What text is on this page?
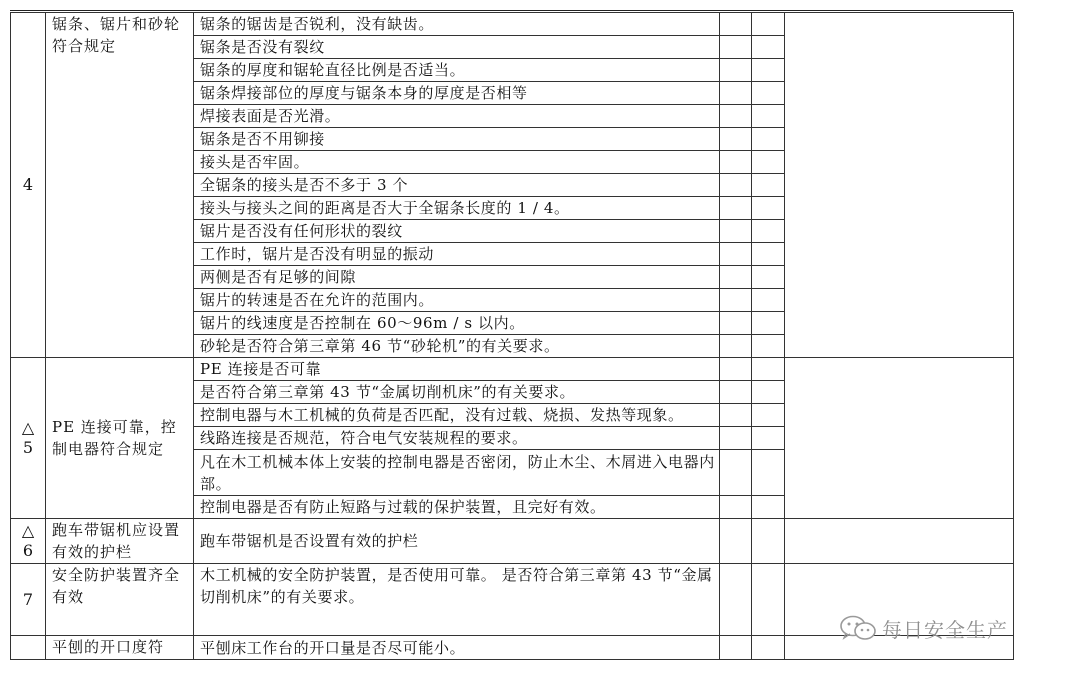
4	锯条、锯片和砂轮符合规定	锯条的锯齿是否锐利，没有缺齿。			
		锯条是否没有裂纹			
		锯条的厚度和锯轮直径比例是否适当。			
		锯条焊接部位的厚度与锯条本身的厚度是否相等			
		焊接表面是否光滑。			
		锯条是否不用铆接			
		接头是否牢固。			
		全锯条的接头是否不多于 3 个			
		接头与接头之间的距离是否大于全锯条长度的 1 / 4。			
		锯片是否没有任何形状的裂纹			
		工作时，锯片是否没有明显的振动			
		两侧是否有足够的间隙			
		锯片的转速是否在允许的范围内。			
		锯片的线速度是否控制在 60～96m / s 以内。			
		砂轮是否符合第三章第 46 节“砂轮机”的有关要求。			

△
5	PE 连接可靠，控制电器符合规定	PE 连接是否可靠			
		是否符合第三章第 43 节“金属切削机床”的有关要求。			
		控制电器与木工机械的负荷是否匹配，没有过载、烧损、发热等现象。			
		线路连接是否规范，符合电气安装规程的要求。			
		凡在木工机械本体上安装的控制电器是否密闭，防止木尘、木屑进入电器内部。			
		控制电器是否有防止短路与过载的保护装置，且完好有效。			

△
6	跑车带锯机应设置有效的护栏	跑车带锯机是否设置有效的护栏			

7	安全防护装置齐全有效	木工机械的安全防护装置，是否使用可靠。 是否符合第三章第 43 节“金属切削机床”的有关要求。			

	平刨的开口度符	平刨床工作台的开口量是否尽可能小。			
每日安全生产
